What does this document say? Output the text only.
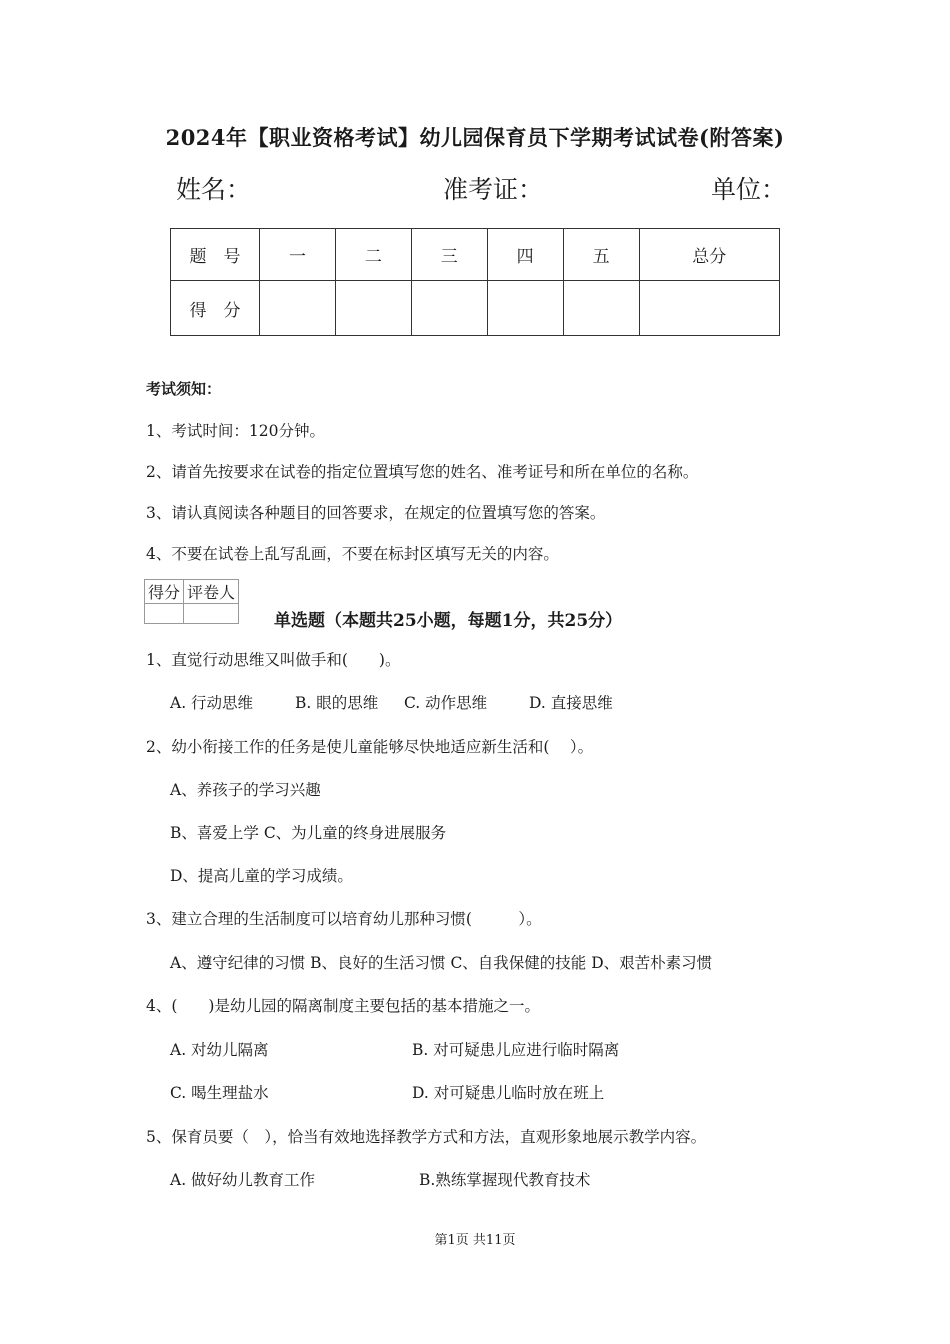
2024年【职业资格考试】幼儿园保育员下学期考试试卷(附答案)
姓名：	准考证：	单位：
题　号	一	二	三	四	五	总分
得　分						
考试须知：
1、考试时间：120分钟。
2、请首先按要求在试卷的指定位置填写您的姓名、准考证号和所在单位的名称。
3、请认真阅读各种题目的回答要求，在规定的位置填写您的答案。
4、不要在试卷上乱写乱画，不要在标封区填写无关的内容。
得分	评卷人

单选题（本题共25小题，每题1分，共25分）
1、直觉行动思维又叫做手和(　　)。
A. 行动思维	B. 眼的思维 C. 动作思维	D. 直接思维
2、幼小衔接工作的任务是使儿童能够尽快地适应新生活和(　 ）。
A、养孩子的学习兴趣
B、喜爱上学 C、为儿童的终身进展服务
D、提高儿童的学习成绩。
3、建立合理的生活制度可以培育幼儿那种习惯(　　　）。
A、遵守纪律的习惯 B、良好的生活习惯 C、自我保健的技能 D、艰苦朴素习惯
4、(　　)是幼儿园的隔离制度主要包括的基本措施之一。
A. 对幼儿隔离	B. 对可疑患儿应进行临时隔离
C. 喝生理盐水	D. 对可疑患儿临时放在班上
5、保育员要（　），恰当有效地选择教学方式和方法，直观形象地展示教学内容。
A. 做好幼儿教育工作	B.熟练掌握现代教育技术
第1页 共11页
